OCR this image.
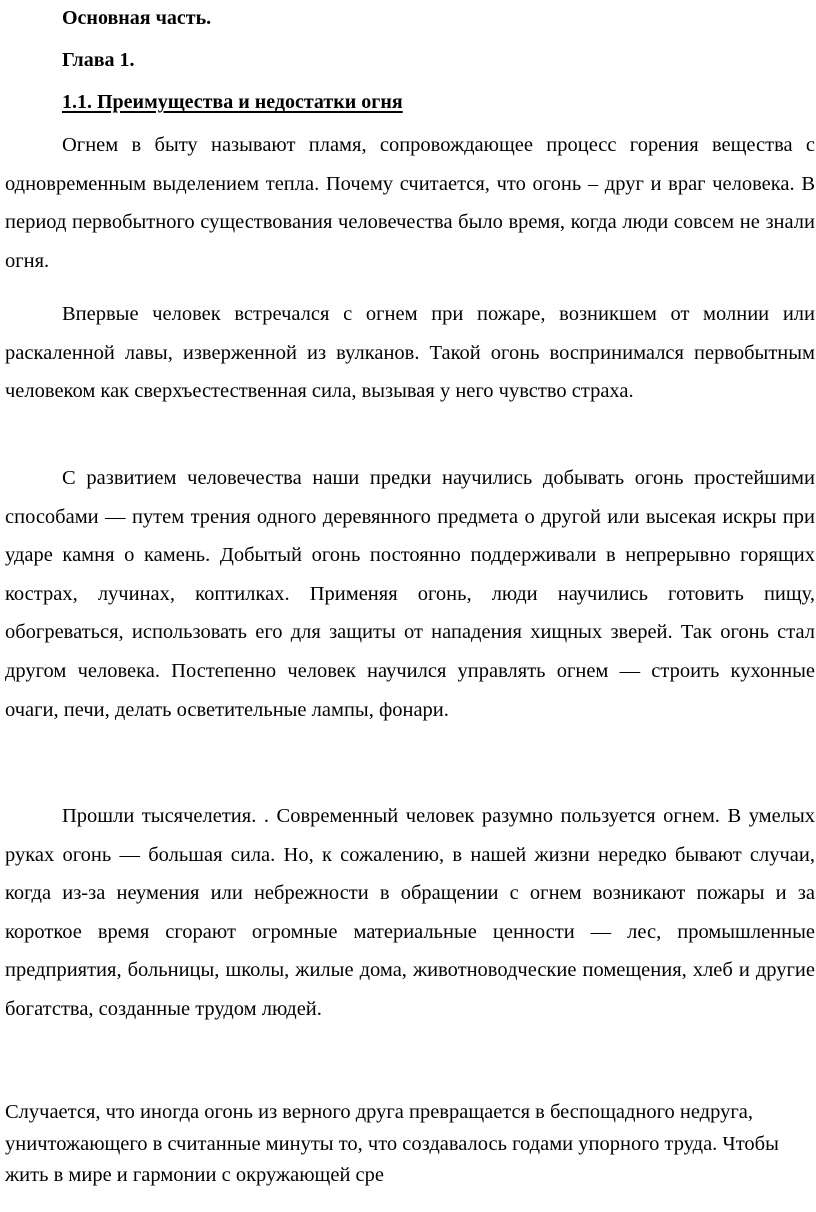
Основная часть.
Глава 1.
1.1. Преимущества и недостатки огня

Огнем в быту называют пламя, сопровождающее процесс горения вещества с одновременным выделением тепла. Почему считается, что огонь – друг и враг человека. В период первобытного существования человечества было время, когда люди совсем не знали огня.

Впервые человек встречался с огнем при пожаре, возникшем от молнии или раскаленной лавы, изверженной из вулканов. Такой огонь воспринимался первобытным человеком как сверхъестественная сила, вызывая у него чувство страха.

С развитием человечества наши предки научились добывать огонь простейшими способами — путем трения одного деревянного предмета о другой или высекая искры при ударе камня о камень. Добытый огонь постоянно поддерживали в непрерывно горящих кострах, лучинах, коптилках. Применяя огонь, люди научились готовить пищу, обогреваться, использовать его для защиты от нападения хищных зверей. Так огонь стал другом человека. Постепенно человек научился управлять огнем — строить кухонные очаги, печи, делать осветительные лампы, фонари.

Прошли тысячелетия. . Современный человек разумно пользуется огнем. В умелых руках огонь — большая сила. Но, к сожалению, в нашей жизни нередко бывают случаи, когда из-за неумения или небрежности в обращении с огнем возникают пожары и за короткое время сгорают огромные материальные ценности — лес, промышленные предприятия, больницы, школы, жилые дома, животноводческие помещения, хлеб и другие богатства, созданные трудом людей.

Случается, что иногда огонь из верного друга превращается в беспощадного недруга, уничтожающего в считанные минуты то, что создавалось годами упорного труда. Чтобы жить в мире и гармонии с окружающей сре
